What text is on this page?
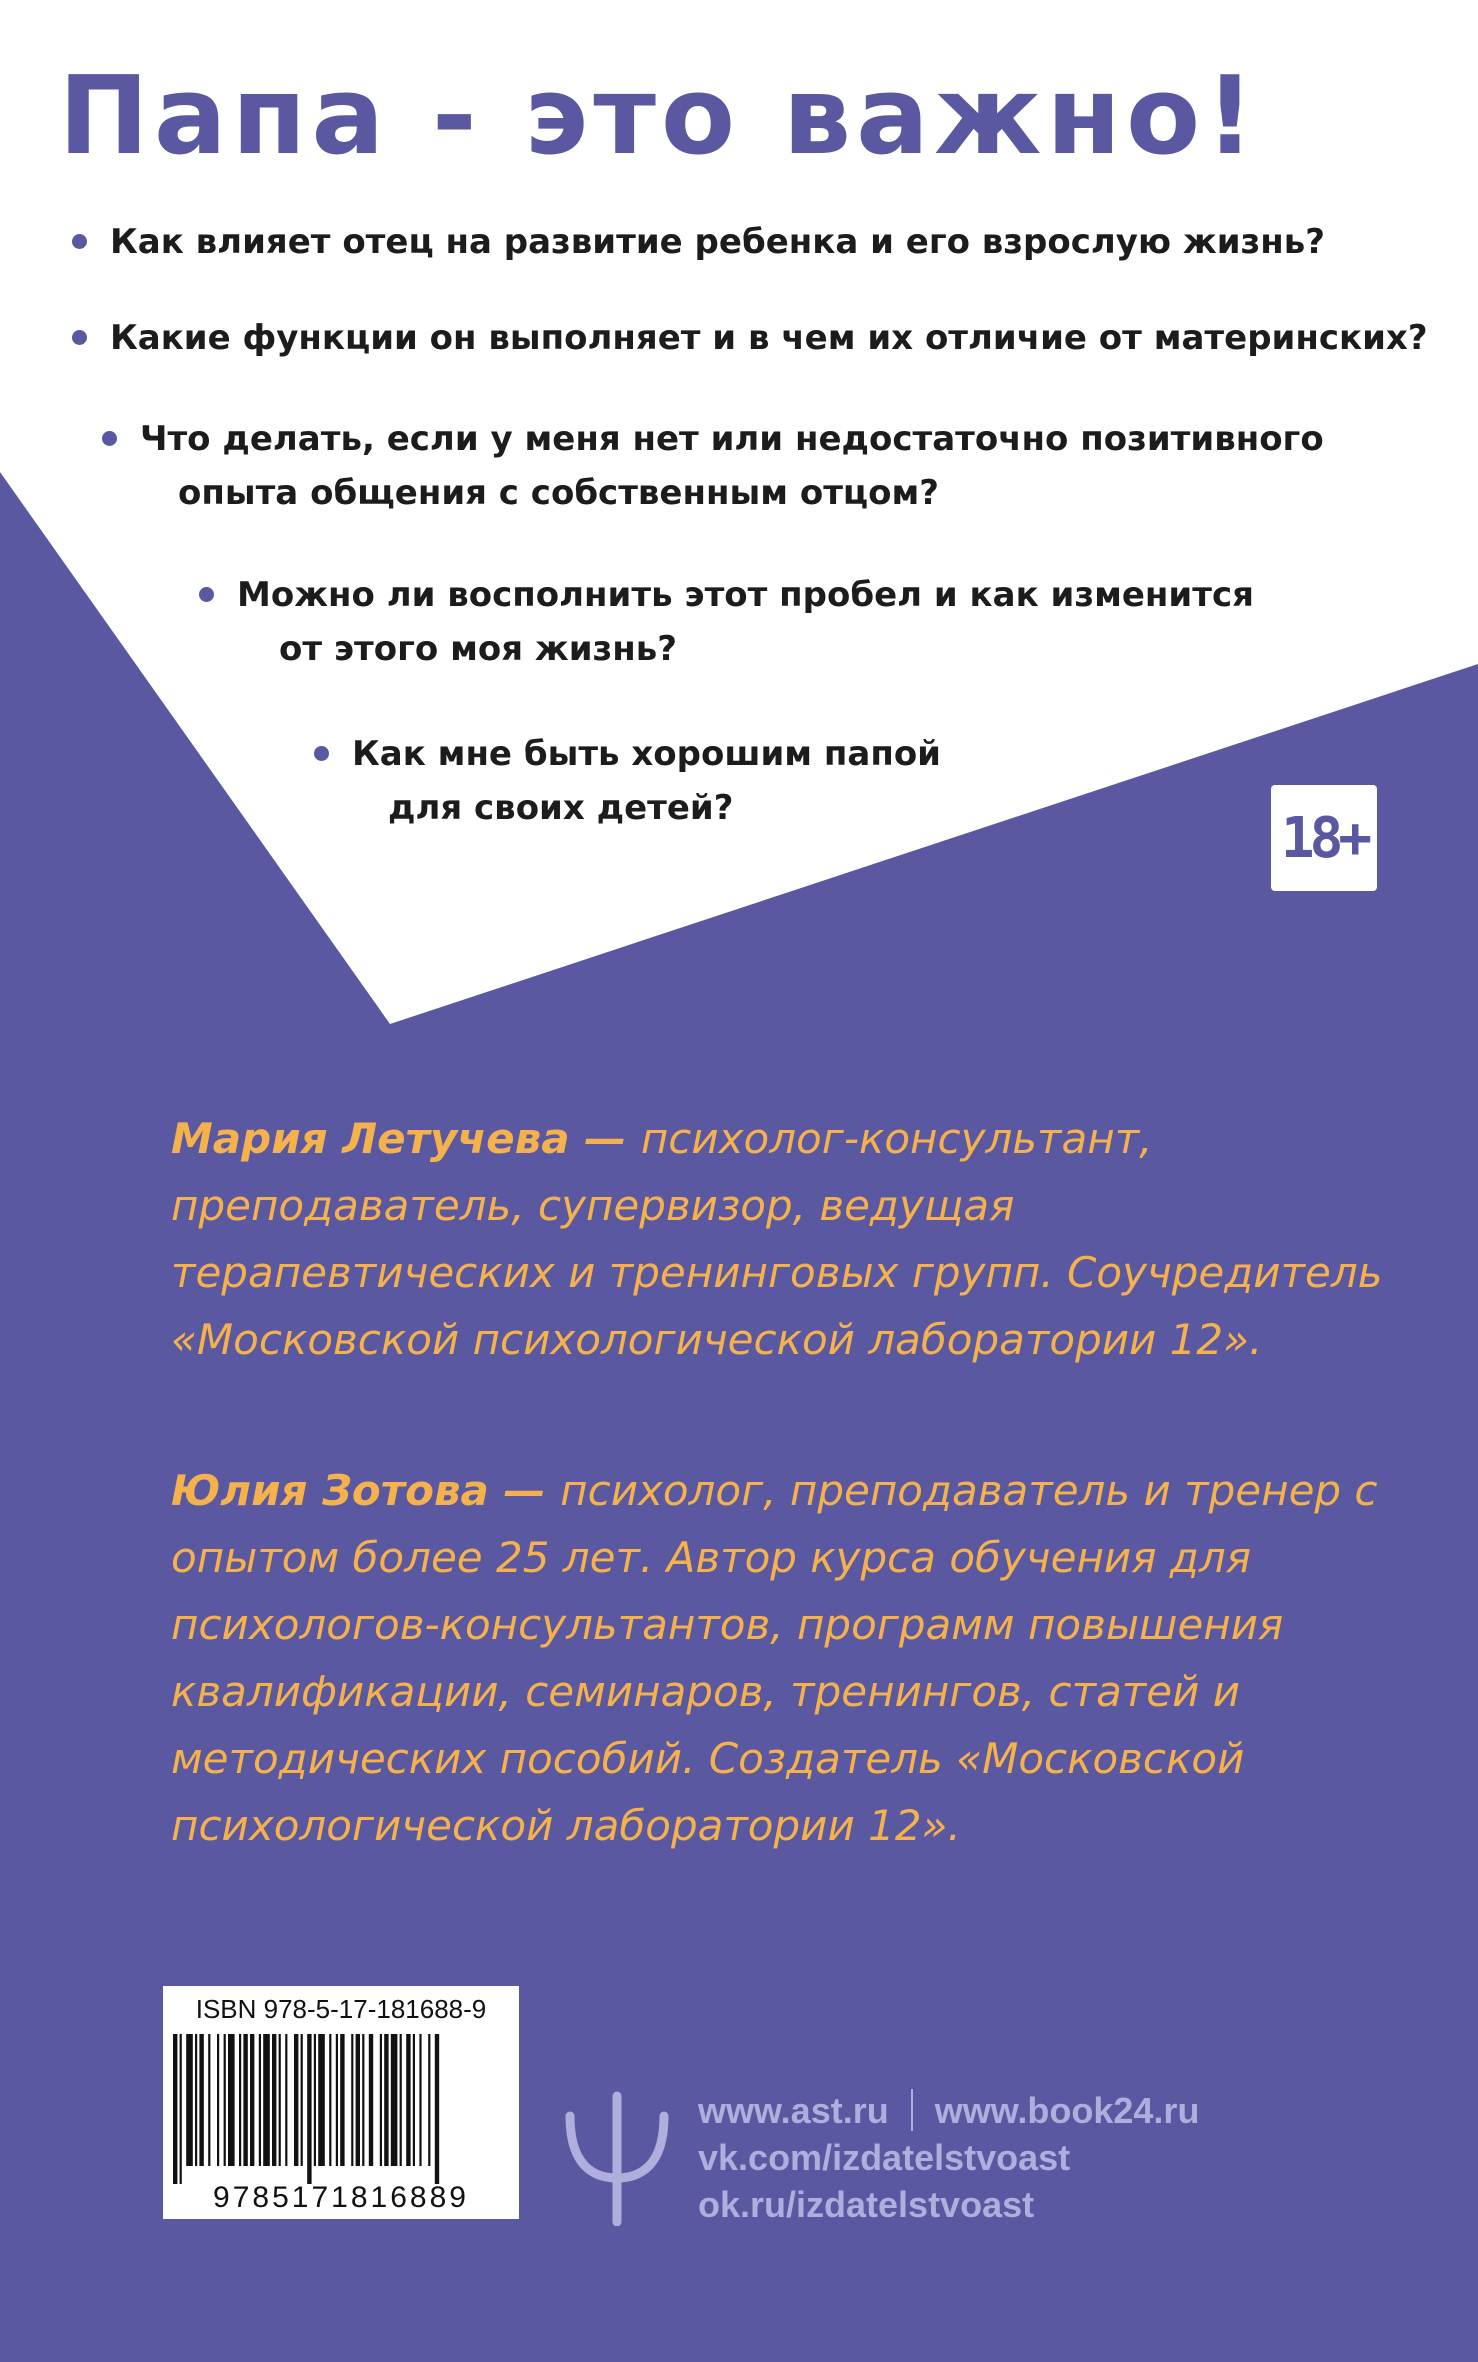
Папа - это важно!
Как влияет отец на развитие ребенка и его взрослую жизнь?
Какие функции он выполняет и в чем их отличие от материнских?
Что делать, если у меня нет или недостаточно позитивного
опыта общения с собственным отцом?
Можно ли восполнить этот пробел и как изменится
от этого моя жизнь?
Как мне быть хорошим папой
для своих детей?	18+

Мария Летучева — психолог-консультант, преподаватель, супервизор, ведущая терапевтических и тренинговых групп. Соучредитель «Московской психологической лаборатории 12».

Юлия Зотова — психолог, преподаватель и тренер с опытом более 25 лет. Автор курса обучения для психологов-консультантов, программ повышения квалификации, семинаров, тренингов, статей и методических пособий. Создатель «Московской психологической лаборатории 12».

ISBN 978-5-17-181688-9
9785171816889
www.ast.ru www.book24.ru
vk.com/izdatelstvoast
ok.ru/izdatelstvoast
